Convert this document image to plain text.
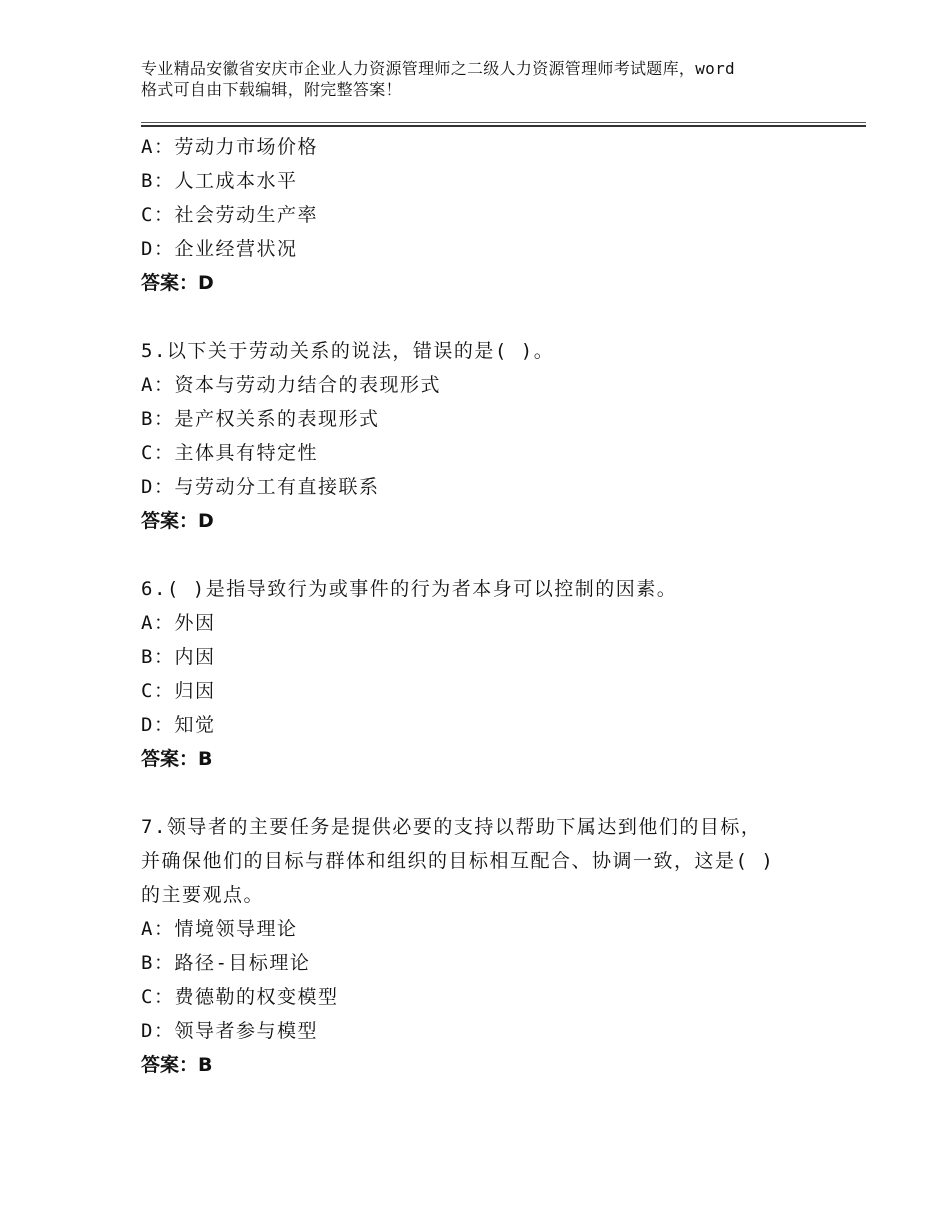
专业精品安徽省安庆市企业人力资源管理师之二级人力资源管理师考试题库，word
格式可自由下载编辑，附完整答案！
A：劳动力市场价格
B：人工成本水平
C：社会劳动生产率
D：企业经营状况
答案：D
5.以下关于劳动关系的说法，错误的是( )。
A：资本与劳动力结合的表现形式
B：是产权关系的表现形式
C：主体具有特定性
D：与劳动分工有直接联系
答案：D
6.( )是指导致行为或事件的行为者本身可以控制的因素。
A：外因
B：内因
C：归因
D：知觉
答案：B
7.领导者的主要任务是提供必要的支持以帮助下属达到他们的目标，
并确保他们的目标与群体和组织的目标相互配合、协调一致，这是( )
的主要观点。
A：情境领导理论
B：路径-目标理论
C：费德勒的权变模型
D：领导者参与模型
答案：B
